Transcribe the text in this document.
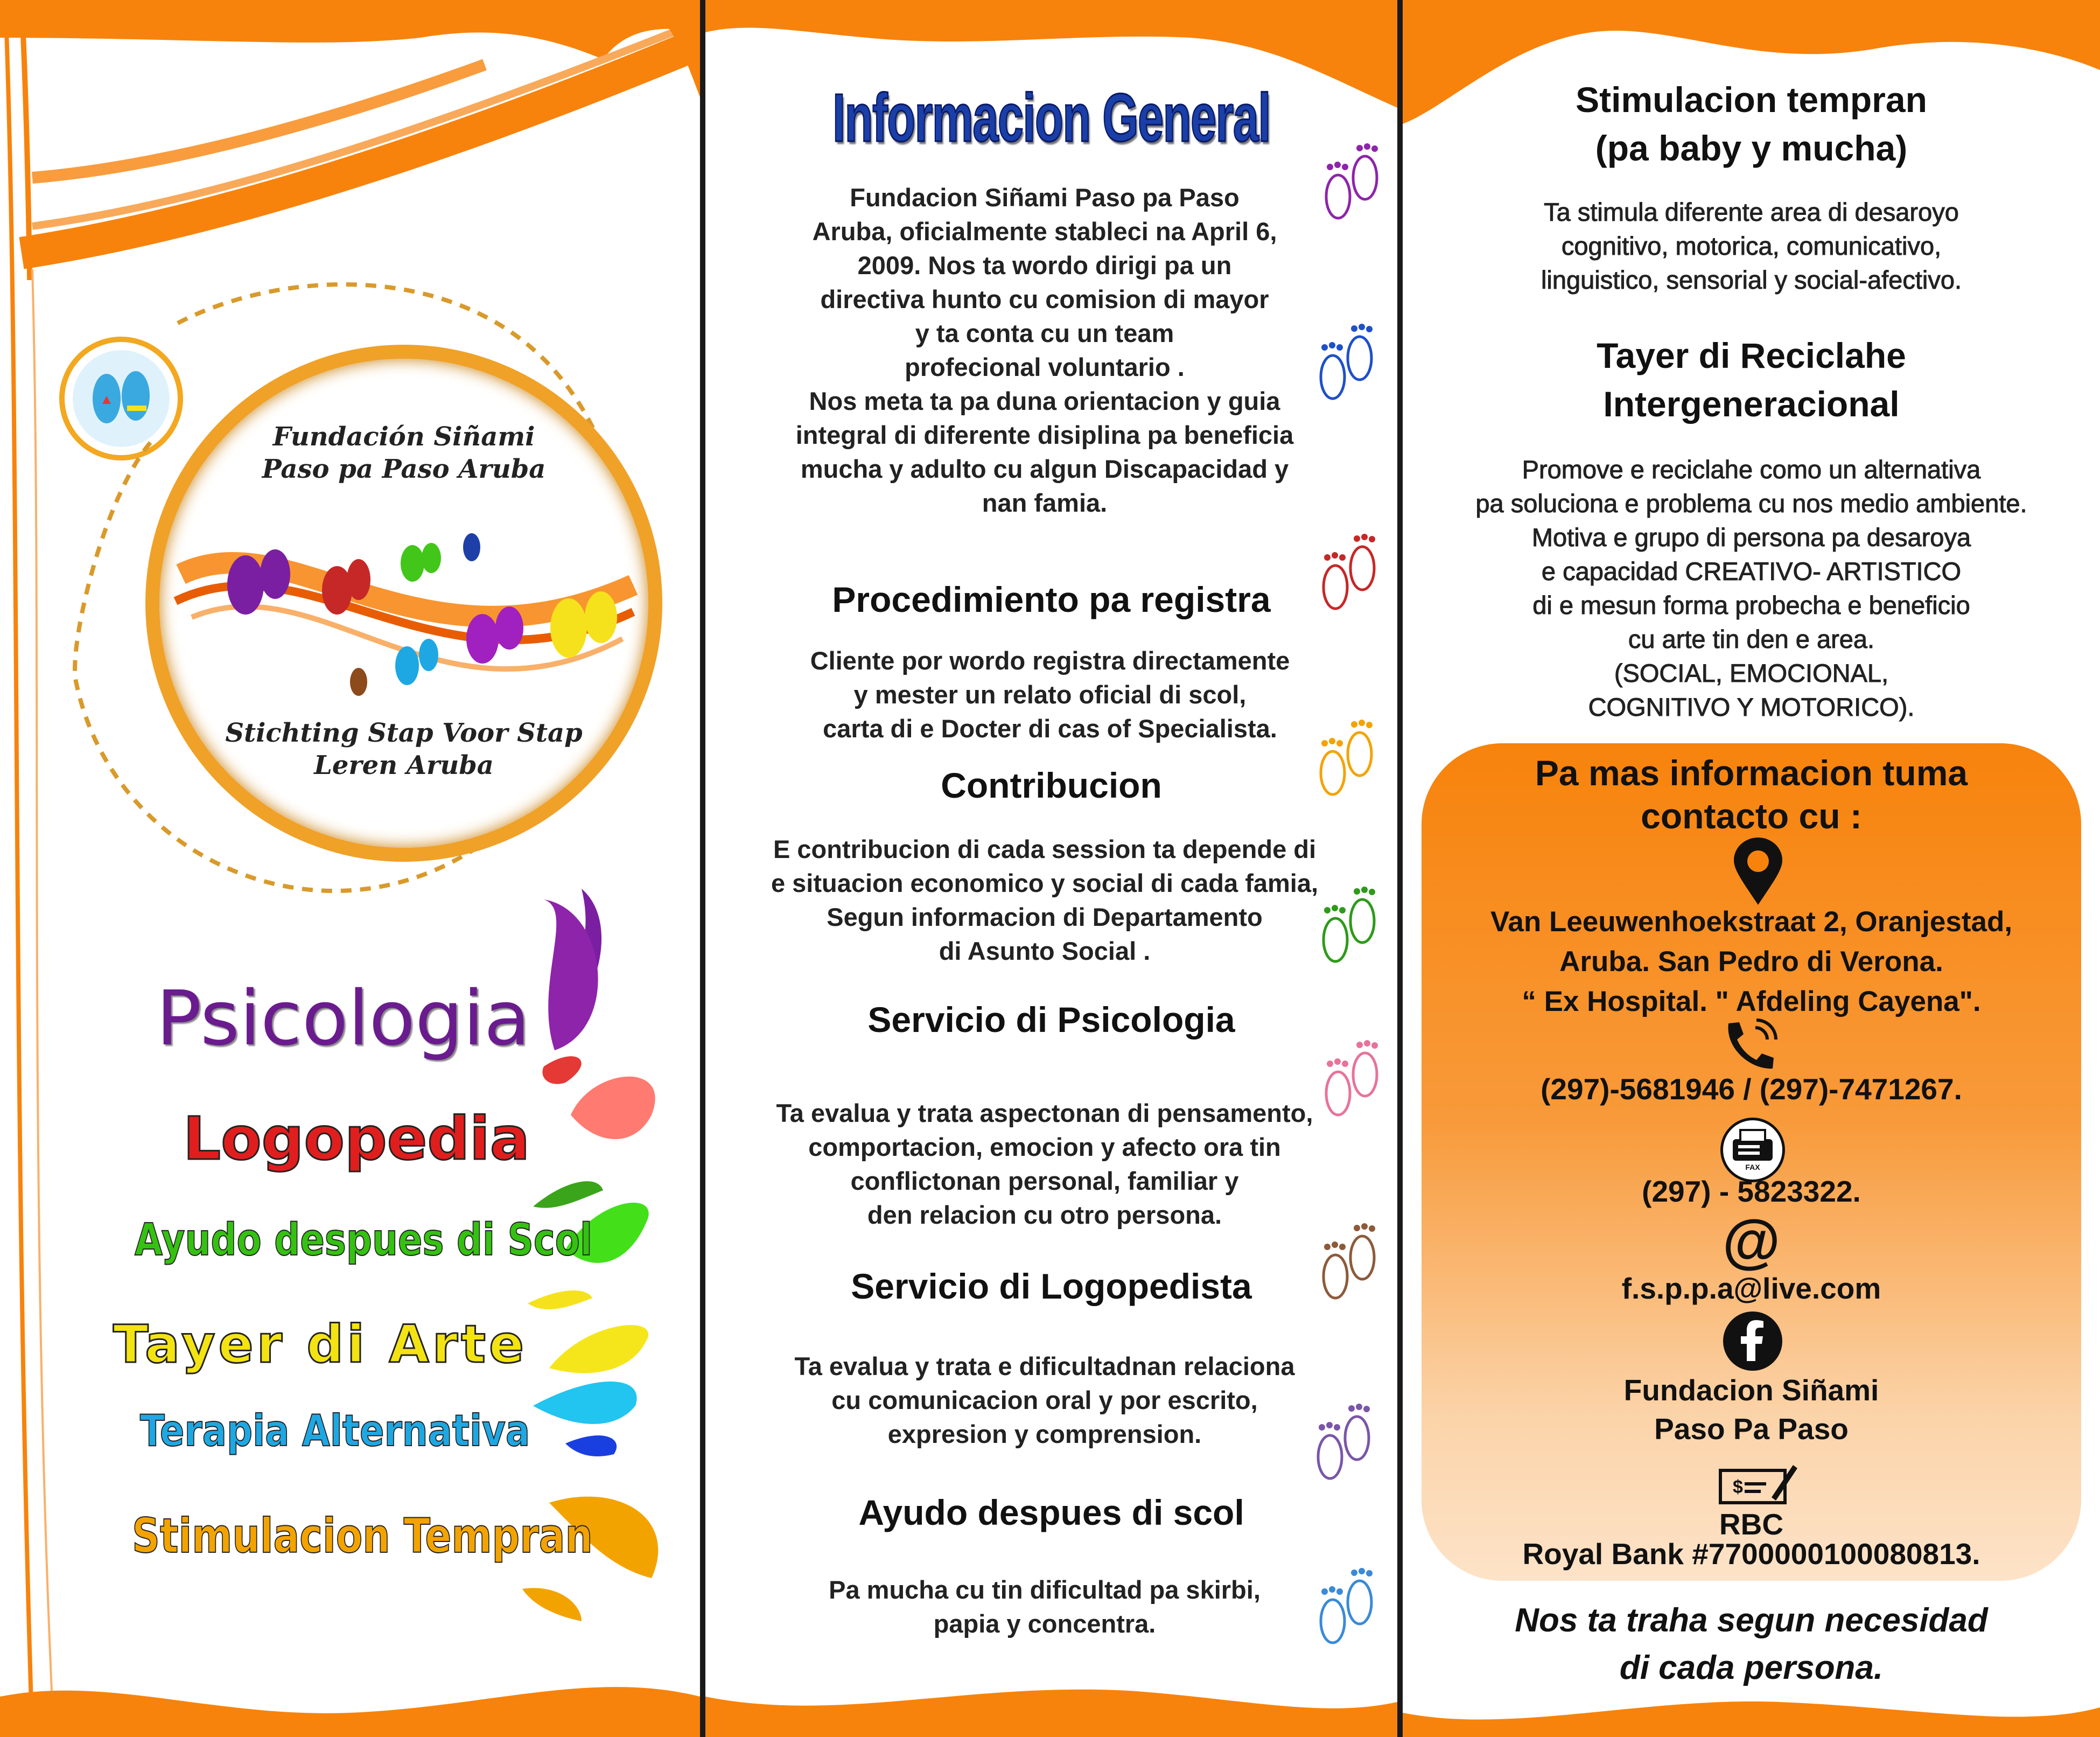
Fundación Siñami
Paso pa Paso Aruba
Stichting Stap Voor Stap
Leren Aruba
Psicologia
Logopedia
Ayudo despues di Scol
Tayer di Arte
Terapia Alternativa
Stimulacion Tempran
Informacion General
Fundacion Siñami Paso pa Paso
Aruba, oficialmente stableci na April 6,
2009. Nos ta wordo dirigi pa un
directiva hunto cu comision di mayor
y ta conta cu un team
profecional voluntario .
Nos meta ta pa duna orientacion y guia
integral di diferente disiplina pa beneficia
mucha y adulto cu algun Discapacidad y
nan famia.
Procedimiento pa registra
Cliente por wordo registra directamente
y mester un relato oficial di scol,
carta di e Docter di cas of Specialista.
Contribucion
E contribucion di cada session ta depende di
e situacion economico y social di cada famia,
Segun informacion di Departamento
di Asunto Social .
Servicio di Psicologia
Ta evalua y trata aspectonan di pensamento,
comportacion, emocion y afecto ora tin
conflictonan personal, familiar y
den relacion cu otro persona.
Servicio di Logopedista
Ta evalua y trata e dificultadnan relaciona
cu comunicacion oral y por escrito,
expresion y comprension.
Ayudo despues di scol
Pa mucha cu tin dificultad pa skirbi,
papia y concentra.
Stimulacion tempran
(pa baby y mucha)
Ta stimula diferente area di desaroyo
cognitivo, motorica, comunicativo,
linguistico, sensorial y social-afectivo.
Tayer di Reciclahe
Intergeneracional
Promove e reciclahe como un alternativa
pa soluciona e problema cu nos medio ambiente.
Motiva e grupo di persona pa desaroya
e capacidad CREATIVO- ARTISTICO
di e mesun forma probecha e beneficio
cu arte tin den e area.
(SOCIAL, EMOCIONAL,
COGNITIVO Y MOTORICO).
Pa mas informacion tuma
contacto cu :
Van Leeuwenhoekstraat 2, Oranjestad,
Aruba. San Pedro di Verona.
“ Ex Hospital. " Afdeling Cayena".
(297)-5681946 / (297)-7471267.
FAX
(297) - 5823322.
@
f.s.p.p.a@live.com
Fundacion Siñami
Paso Pa Paso
$
RBC
Royal Bank #7700000100080813.
Nos ta traha segun necesidad
di cada persona.
